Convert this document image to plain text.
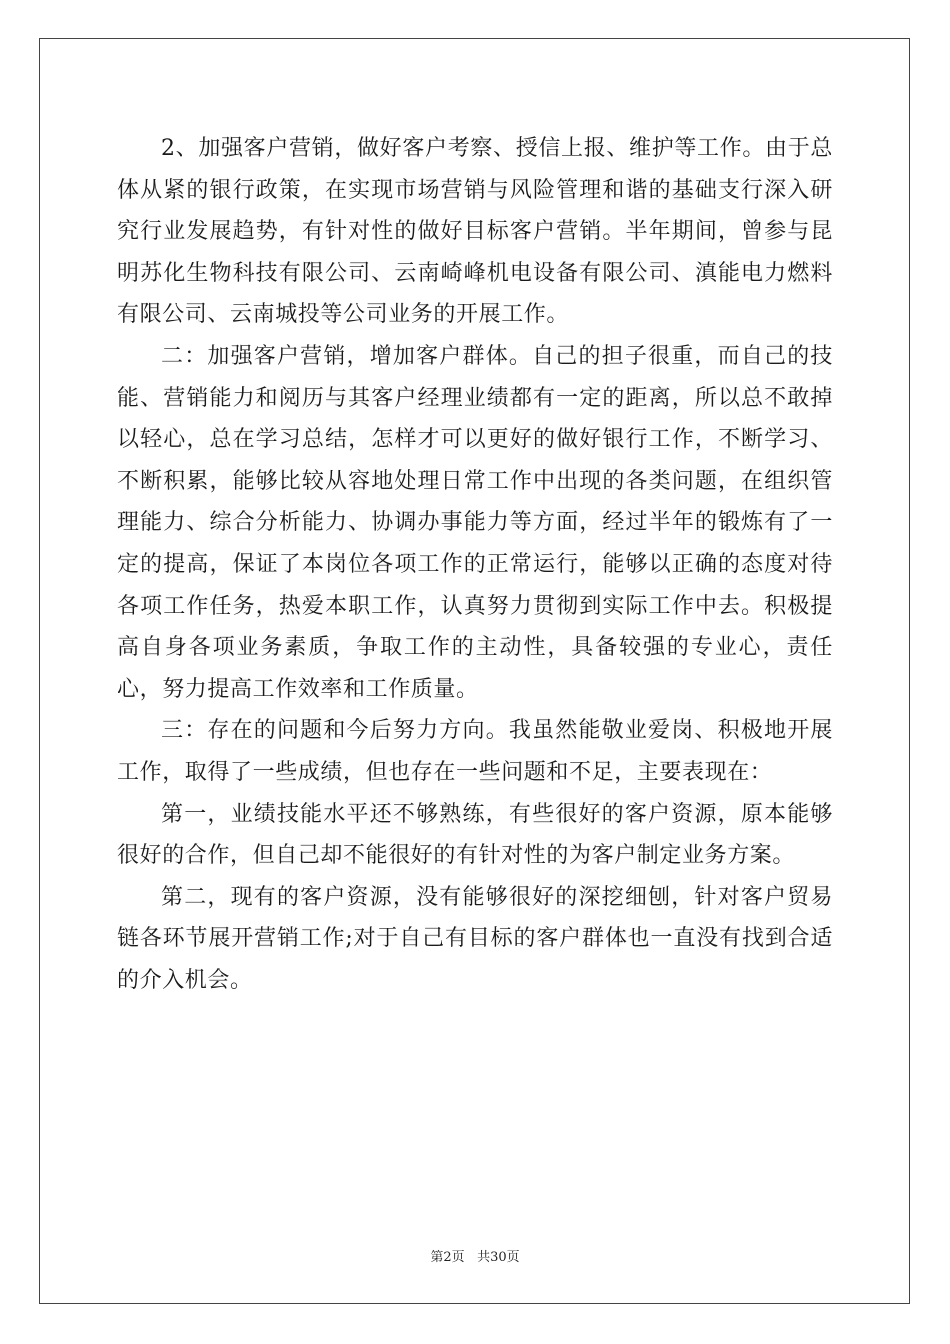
2、加强客户营销，做好客户考察、授信上报、维护等工作。由于总体从紧的银行政策，在实现市场营销与风险管理和谐的基础支行深入研究行业发展趋势，有针对性的做好目标客户营销。半年期间，曾参与昆明苏化生物科技有限公司、云南崎峰机电设备有限公司、滇能电力燃料有限公司、云南城投等公司业务的开展工作。

二：加强客户营销，增加客户群体。自己的担子很重，而自己的技能、营销能力和阅历与其客户经理业绩都有一定的距离，所以总不敢掉以轻心，总在学习总结，怎样才可以更好的做好银行工作，不断学习、不断积累，能够比较从容地处理日常工作中出现的各类问题，在组织管理能力、综合分析能力、协调办事能力等方面，经过半年的锻炼有了一定的提高，保证了本岗位各项工作的正常运行，能够以正确的态度对待各项工作任务，热爱本职工作，认真努力贯彻到实际工作中去。积极提高自身各项业务素质，争取工作的主动性，具备较强的专业心，责任心，努力提高工作效率和工作质量。

三：存在的问题和今后努力方向。我虽然能敬业爱岗、积极地开展工作，取得了一些成绩，但也存在一些问题和不足，主要表现在：

第一，业绩技能水平还不够熟练，有些很好的客户资源，原本能够很好的合作，但自己却不能很好的有针对性的为客户制定业务方案。

第二，现有的客户资源，没有能够很好的深挖细刨，针对客户贸易链各环节展开营销工作;对于自己有目标的客户群体也一直没有找到合适的介入机会。

第2页 共30页
